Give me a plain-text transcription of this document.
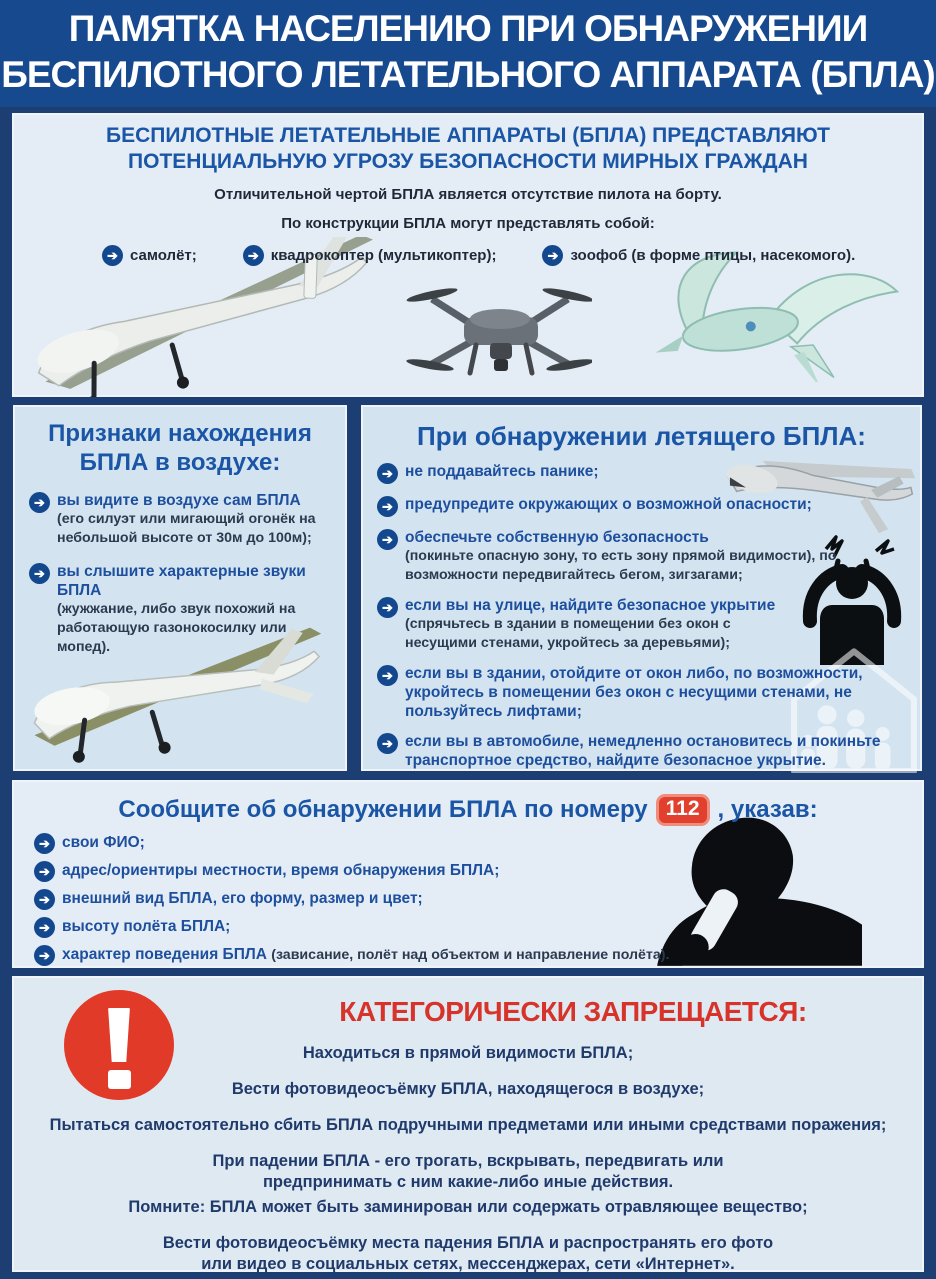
ПАМЯТКА НАСЕЛЕНИЮ ПРИ ОБНАРУЖЕНИИ
БЕСПИЛОТНОГО ЛЕТАТЕЛЬНОГО АППАРАТА (БПЛА)
БЕСПИЛОТНЫЕ ЛЕТАТЕЛЬНЫЕ АППАРАТЫ (БПЛА) ПРЕДСТАВЛЯЮТ
ПОТЕНЦИАЛЬНУЮ УГРОЗУ БЕЗОПАСНОСТИ МИРНЫХ ГРАЖДАН
Отличительной чертой БПЛА является отсутствие пилота на борту.
По конструкции БПЛА могут представлять собой:
➔ самолёт;	➔ квадрокоптер (мультикоптер);	➔ зоофоб (в форме птицы, насекомого).
Признаки нахождения
БПЛА в воздухе:
➔ вы видите в воздухе сам БПЛА
(его силуэт или мигающий огонёк на небольшой высоте от 30м до 100м);
➔ вы слышите характерные звуки БПЛА
(жужжание, либо звук похожий на работающую газонокосилку или мопед).
При обнаружении летящего БПЛА:
➔ не поддавайтесь панике;
➔ предупредите окружающих о возможной опасности;
➔ обеспечьте собственную безопасность
(покиньте опасную зону, то есть зону прямой видимости), по возможности передвигайтесь бегом, зигзагами;
➔ если вы на улице, найдите безопасное укрытие
(спрячьтесь в здании в помещении без окон с несущими стенами, укройтесь за деревьями);
➔ если вы в здании, отойдите от окон либо, по возможности, укройтесь в помещении без окон с несущими стенами, не пользуйтесь лифтами;
➔ если вы в автомобиле, немедленно остановитесь и покиньте транспортное средство, найдите безопасное укрытие.
Сообщите об обнаружении БПЛА по номеру 112 , указав:
➔ свои ФИО;
➔ адрес/ориентиры местности, время обнаружения БПЛА;
➔ внешний вид БПЛА, его форму, размер и цвет;
➔ высоту полёта БПЛА;
➔ характер поведения БПЛА (зависание, полёт над объектом и направление полёта).
КАТЕГОРИЧЕСКИ ЗАПРЕЩАЕТСЯ:
Находиться в прямой видимости БПЛА;
Вести фотовидеосъёмку БПЛА, находящегося в воздухе;
Пытаться самостоятельно сбить БПЛА подручными предметами или иными средствами поражения;
При падении БПЛА - его трогать, вскрывать, передвигать или предпринимать с ним какие-либо иные действия.
Помните: БПЛА может быть заминирован или содержать отравляющее вещество;
Вести фотовидеосъёмку места падения БПЛА и распространять его фото или видео в социальных сетях, мессенджерах, сети «Интернет».
